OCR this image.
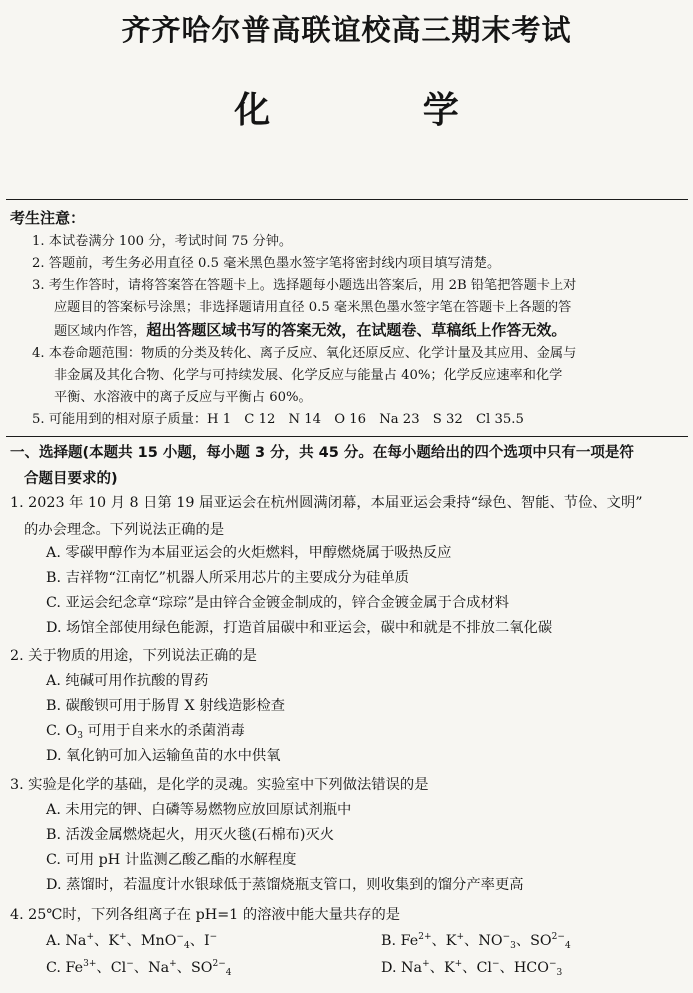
齐齐哈尔普高联谊校高三期末考试
化 学
考生注意：
1. 本试卷满分 100 分，考试时间 75 分钟。
2. 答题前，考生务必用直径 0.5 毫米黑色墨水签字笔将密封线内项目填写清楚。
3. 考生作答时，请将答案答在答题卡上。选择题每小题选出答案后，用 2B 铅笔把答题卡上对
应题目的答案标号涂黑；非选择题请用直径 0.5 毫米黑色墨水签字笔在答题卡上各题的答
题区域内作答，超出答题区域书写的答案无效，在试题卷、草稿纸上作答无效。
4. 本卷命题范围：物质的分类及转化、离子反应、氧化还原反应、化学计量及其应用、金属与
非金属及其化合物、化学与可持续发展、化学反应与能量占 40%；化学反应速率和化学
平衡、水溶液中的离子反应与平衡占 60%。
5. 可能用到的相对原子质量：H 1　C 12　N 14　O 16　Na 23　S 32　Cl 35.5
一、选择题(本题共 15 小题，每小题 3 分，共 45 分。在每小题给出的四个选项中只有一项是符
合题目要求的)
1. 2023 年 10 月 8 日第 19 届亚运会在杭州圆满闭幕，本届亚运会秉持“绿色、智能、节俭、文明”
的办会理念。下列说法正确的是
A. 零碳甲醇作为本届亚运会的火炬燃料，甲醇燃烧属于吸热反应
B. 吉祥物“江南忆”机器人所采用芯片的主要成分为硅单质
C. 亚运会纪念章“琮琮”是由锌合金镀金制成的，锌合金镀金属于合成材料
D. 场馆全部使用绿色能源，打造首届碳中和亚运会，碳中和就是不排放二氧化碳
2. 关于物质的用途，下列说法正确的是
A. 纯碱可用作抗酸的胃药
B. 碳酸钡可用于肠胃 X 射线造影检查
C. $O_3$ 可用于自来水的杀菌消毒
D. 氧化钠可加入运输鱼苗的水中供氧
3. 实验是化学的基础，是化学的灵魂。实验室中下列做法错误的是
A. 未用完的钾、白磷等易燃物应放回原试剂瓶中
B. 活泼金属燃烧起火，用灭火毯(石棉布)灭火
C. 可用 pH 计监测乙酸乙酯的水解程度
D. 蒸馏时，若温度计水银球低于蒸馏烧瓶支管口，则收集到的馏分产率更高
4. 25℃时，下列各组离子在 pH=1 的溶液中能大量共存的是
A. Na+、K+、MnO−$_4$、I−	B. $Fe^{2+}$、K+、$NO^-_3$、$SO^{2-}_4$
C. $Fe^{3+}$、Cl−、Na+、$SO^{2-}_4$	D. Na+、K+、Cl−、$HCO^-_3$
